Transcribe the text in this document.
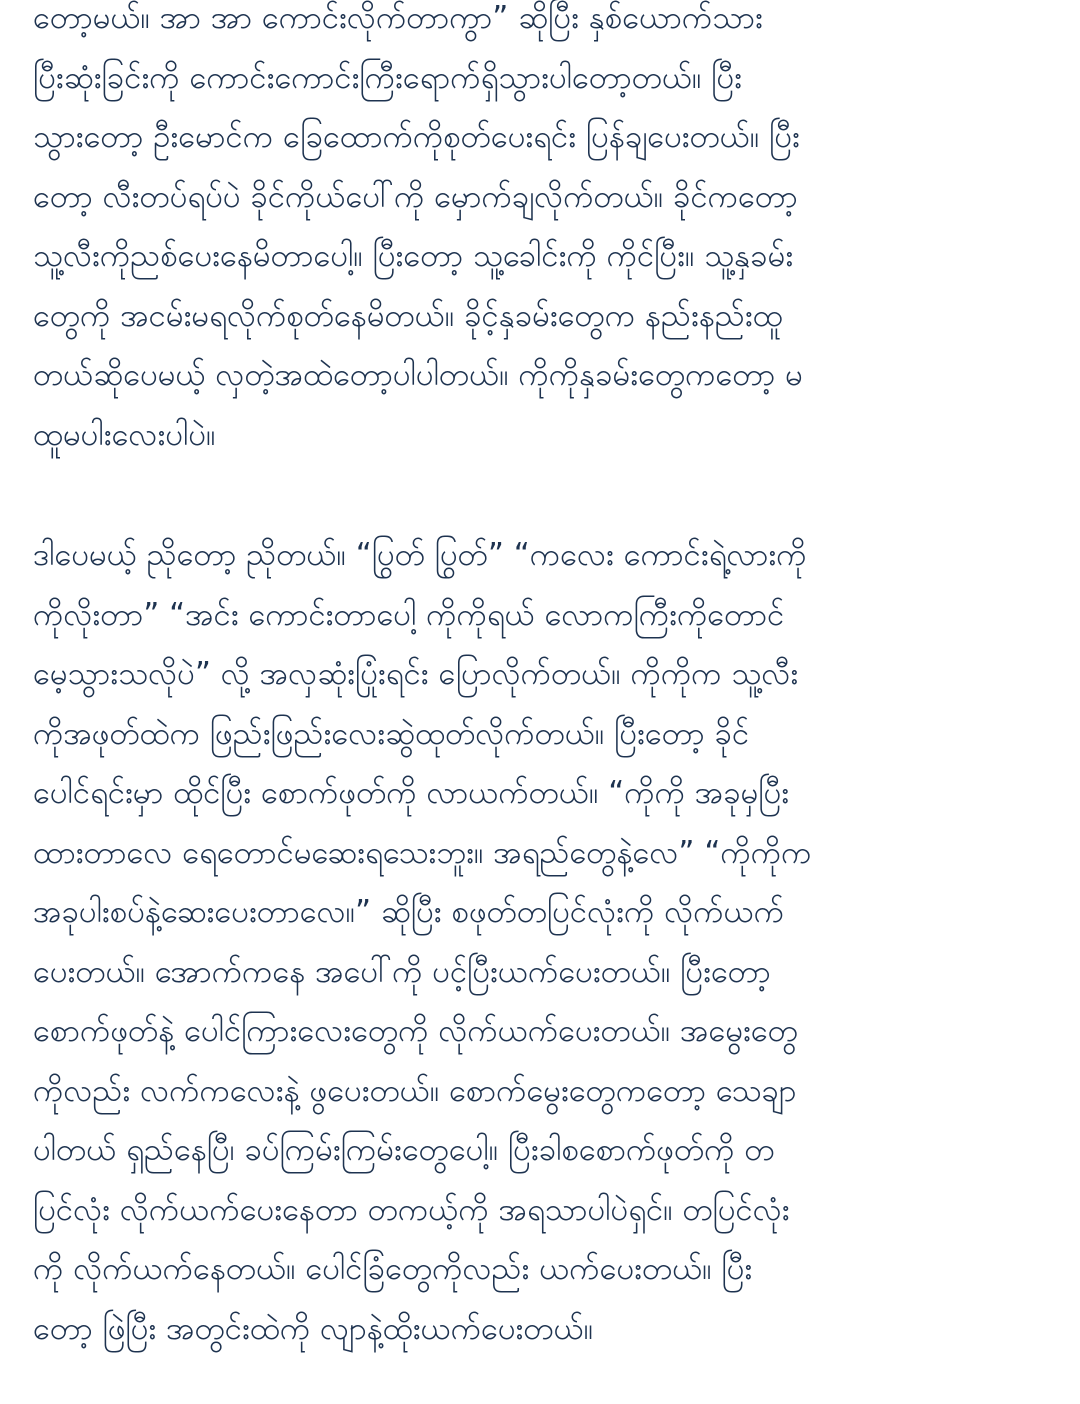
တော့မယ်။ အာ အာ ကောင်းလိုက်တာကွာ” ဆိုပြီး နှစ်ယောက်သား
ပြီးဆုံးခြင်းကို ကောင်းကောင်းကြီးရောက်ရှိသွားပါတော့တယ်။ ပြီး
သွားတော့ ဦးမောင်က ခြေထောက်ကိုစုတ်ပေးရင်း ပြန်ချပေးတယ်။ ပြီး
တော့ လီးတပ်ရပ်ပဲ ခိုင်ကိုယ်ပေါ်ကို မှောက်ချလိုက်တယ်။ ခိုင်ကတော့
သူ့လီးကိုညစ်ပေးနေမိတာပေါ့။ ပြီးတော့ သူ့ခေါင်းကို ကိုင်ပြီး။ သူ့နှခမ်း
တွေကို အငမ်းမရလိုက်စုတ်နေမိတယ်။ ခိုင့်နှခမ်းတွေက နည်းနည်းထူ
တယ်ဆိုပေမယ့် လှတဲ့အထဲတော့ပါပါတယ်။ ကိုကိုနှခမ်းတွေကတော့ မ
ထူမပါးလေးပါပဲ။

ဒါပေမယ့် ညိုတော့ ညိုတယ်။ “ပြွတ် ပြွတ်” “ကလေး ကောင်းရဲ့လားကို
ကိုလိုးတာ” “အင်း ကောင်းတာပေါ့ ကိုကိုရယ် လောကကြီးကိုတောင်
မေ့သွားသလိုပဲ” လို့ အလှဆုံးပြုံးရင်း ပြောလိုက်တယ်။ ကိုကိုက သူ့လီး
ကိုအဖုတ်ထဲက ဖြည်းဖြည်းလေးဆွဲထုတ်လိုက်တယ်။ ပြီးတော့ ခိုင်
ပေါင်ရင်းမှာ ထိုင်ပြီး စောက်ဖုတ်ကို လာယက်တယ်။ “ကိုကို အခုမှပြီး
ထားတာလေ ရေတောင်မဆေးရသေးဘူး။ အရည်တွေနဲ့လေ” “ကိုကိုက
အခုပါးစပ်နဲ့ဆေးပေးတာလေ။” ဆိုပြီး စဖုတ်တပြင်လုံးကို လိုက်ယက်
ပေးတယ်။ အောက်ကနေ အပေါ်ကို ပင့်ပြီးယက်ပေးတယ်။ ပြီးတော့
စောက်ဖုတ်နဲ့ ပေါင်ကြားလေးတွေကို လိုက်ယက်ပေးတယ်။ အမွေးတွေ
ကိုလည်း လက်ကလေးနဲ့ ဖွပေးတယ်။ စောက်မွေးတွေကတော့ သေချာ
ပါတယ် ရှည်နေပြီ၊ ခပ်ကြမ်းကြမ်းတွေပေါ့။ ပြီးခါစစောက်ဖုတ်ကို တ
ပြင်လုံး လိုက်ယက်ပေးနေတာ တကယ့်ကို အရသာပါပဲရှင်။ တပြင်လုံး
ကို လိုက်ယက်နေတယ်။ ပေါင်ခြံတွေကိုလည်း ယက်ပေးတယ်။ ပြီး
တော့ ဖြဲပြီး အတွင်းထဲကို လျာနဲ့ထိုးယက်ပေးတယ်။
